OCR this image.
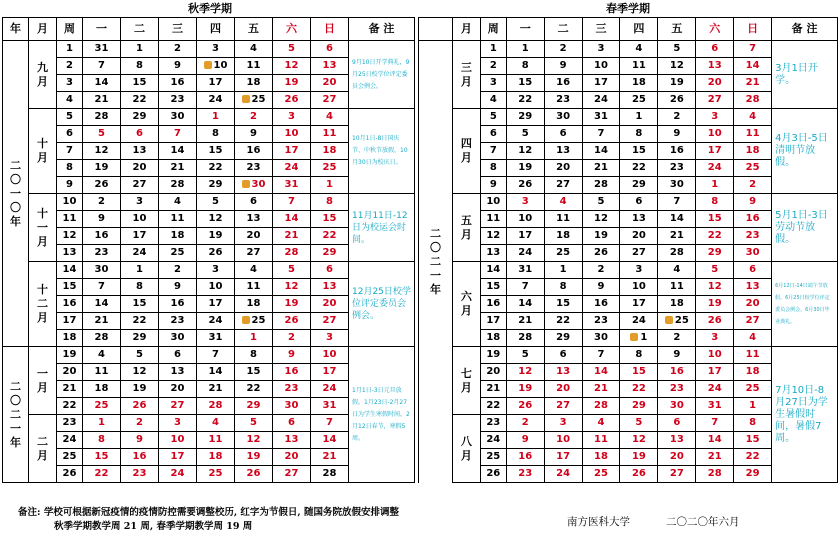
秋季学期
年	月	周	一	二	三	四	五	六	日	备 注
二〇一〇年	九月	1	31	1	2	3	4	5	6	9月10日开学典礼，9月25日校学位评定委员会例会。
		2	7	8	9	10	11	12	13	
		3	14	15	16	17	18	19	20	
		4	21	22	23	24	25	26	27	
	十月	5	28	29	30	1	2	3	4	10月1日-8日国庆节、中秋节放假，10月30日为校庆日。
		6	5	6	7	8	9	10	11	
		7	12	13	14	15	16	17	18	
		8	19	20	21	22	23	24	25	
		9	26	27	28	29	30	31	1	
	十一月	10	2	3	4	5	6	7	8	11月11日-12日为校运会时间。
		11	9	10	11	12	13	14	15	
		12	16	17	18	19	20	21	22	
		13	23	24	25	26	27	28	29	
	十二月	14	30	1	2	3	4	5	6	12月25日校学位评定委员会例会。
		15	7	8	9	10	11	12	13	
		16	14	15	16	17	18	19	20	
		17	21	22	23	24	25	26	27	
		18	28	29	30	31	1	2	3	
二〇二一年	一月	19	4	5	6	7	8	9	10	1月1日-3日元旦放假。1月23日-2月27日为学生寒假时间。2月12日春节，寒假5周。
		20	11	12	13	14	15	16	17	
		21	18	19	20	21	22	23	24	
		22	25	26	27	28	29	30	31	
	二月	23	1	2	3	4	5	6	7	
		24	8	9	10	11	12	13	14	
		25	15	16	17	18	19	20	21	
		26	22	23	24	25	26	27	28	
春季学期
	月	周	一	二	三	四	五	六	日	备 注
二〇二一年	三月	1	1	2	3	4	5	6	7	3月1日开学。
		2	8	9	10	11	12	13	14	
		3	15	16	17	18	19	20	21	
		4	22	23	24	25	26	27	28	
	四月	5	29	30	31	1	2	3	4	4月3日-5日清明节放假。
		6	5	6	7	8	9	10	11	
		7	12	13	14	15	16	17	18	
		8	19	20	21	22	23	24	25	
		9	26	27	28	29	30	1	2	
	五月	10	3	4	5	6	7	8	9	5月1日-3日劳动节放假。
		11	10	11	12	13	14	15	16	
		12	17	18	19	20	21	22	23	
		13	24	25	26	27	28	29	30	
	六月	14	31	1	2	3	4	5	6	6月12日-14日端午节放假。6月25日校学位评定委员会例会。6月30日毕业典礼。
		15	7	8	9	10	11	12	13	
		16	14	15	16	17	18	19	20	
		17	21	22	23	24	25	26	27	
		18	28	29	30	1	2	3	4	
	七月	19	5	6	7	8	9	10	11	7月10日-8月27日为学生暑假时间，暑假7周。
		20	12	13	14	15	16	17	18	
		21	19	20	21	22	23	24	25	
		22	26	27	28	29	30	31	1	
	八月	23	2	3	4	5	6	7	8	
		24	9	10	11	12	13	14	15	
		25	16	17	18	19	20	21	22	
		26	23	24	25	26	27	28	29	
备注: 学校可根据新冠疫情的疫情防控需要调整校历, 红字为节假日, 随国务院放假安排调整
秋季学期教学周 21 周, 春季学期教学周 19 周	南方医科大学	二〇二〇年六月
